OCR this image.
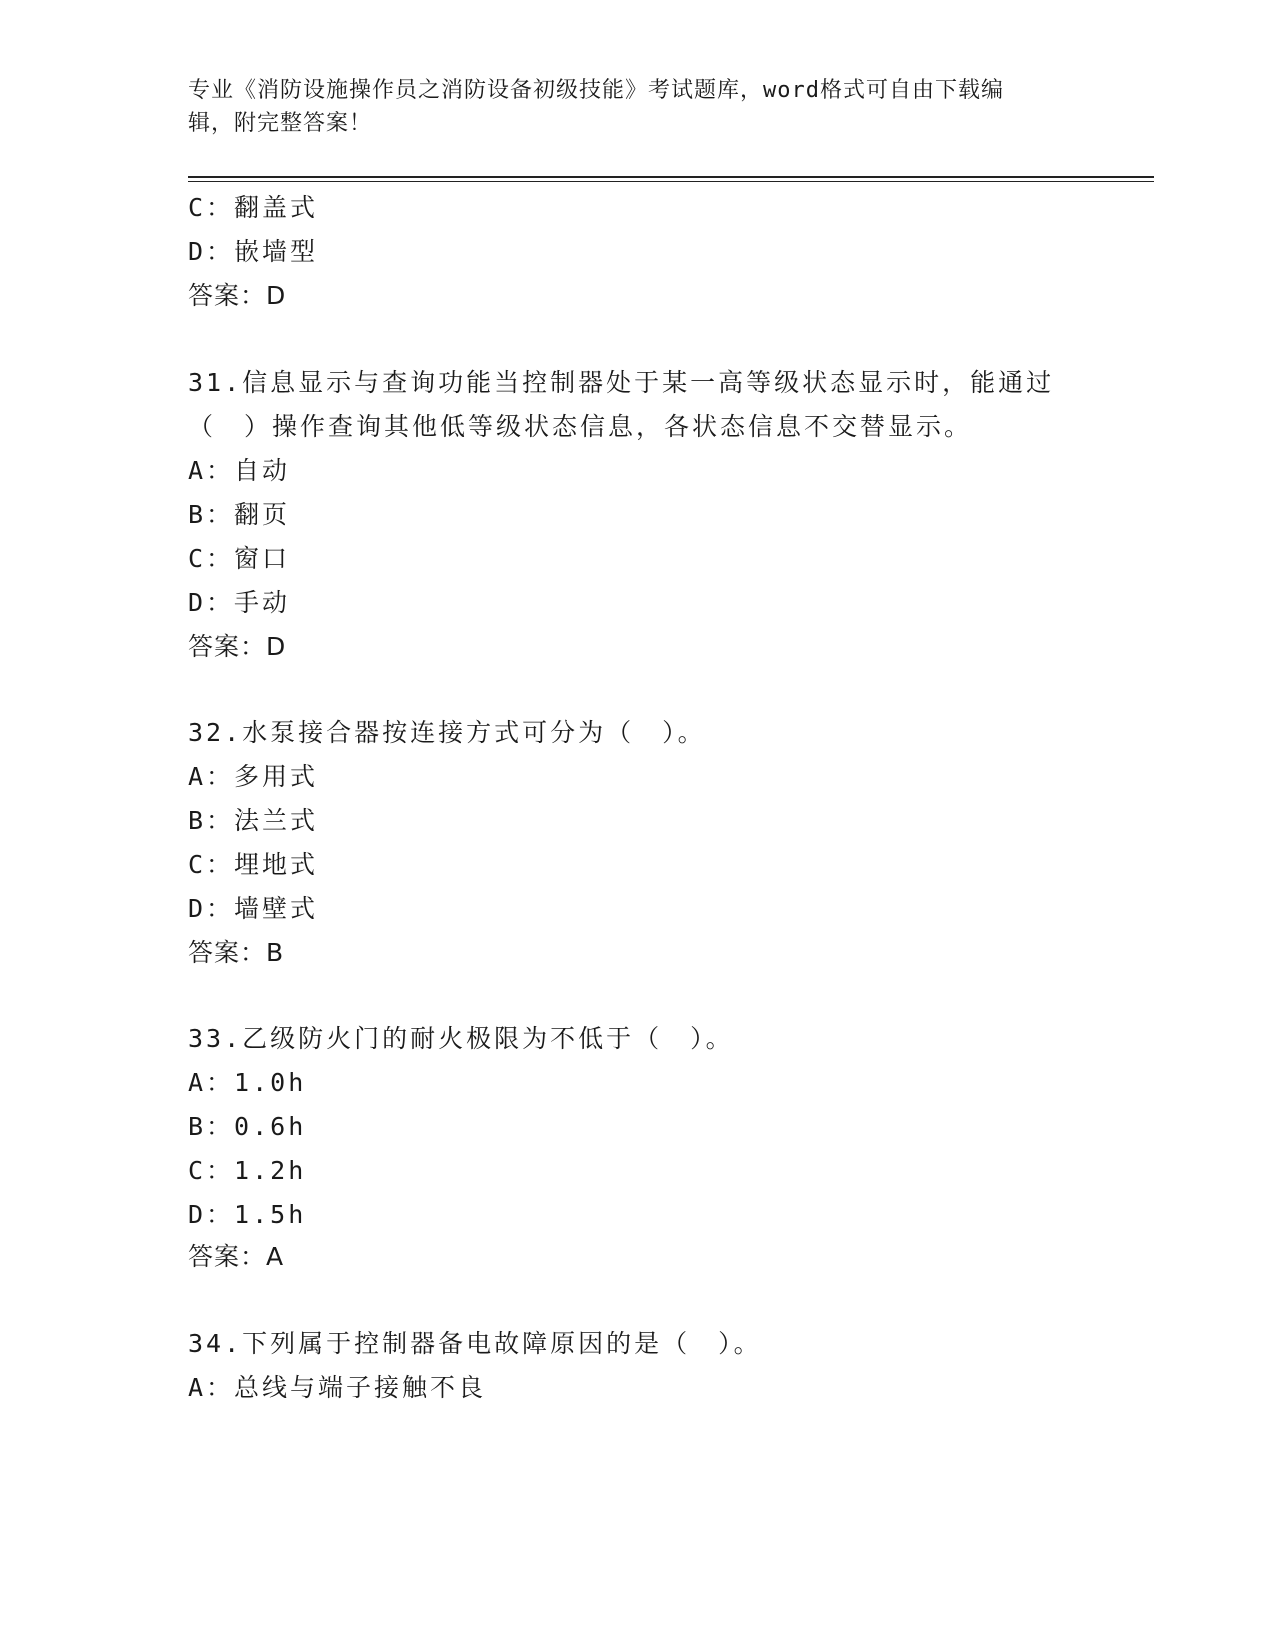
专业《消防设施操作员之消防设备初级技能》考试题库，word格式可自由下载编
辑，附完整答案！
C：翻盖式
D：嵌墙型
答案：D
31.信息显示与查询功能当控制器处于某一高等级状态显示时，能通过
（　）操作查询其他低等级状态信息，各状态信息不交替显示。
A：自动
B：翻页
C：窗口
D：手动
答案：D
32.水泵接合器按连接方式可分为（　）。
A：多用式
B：法兰式
C：埋地式
D：墙壁式
答案：B
33.乙级防火门的耐火极限为不低于（　）。
A：1.0h
B：0.6h
C：1.2h
D：1.5h
答案：A
34.下列属于控制器备电故障原因的是（　）。
A：总线与端子接触不良
